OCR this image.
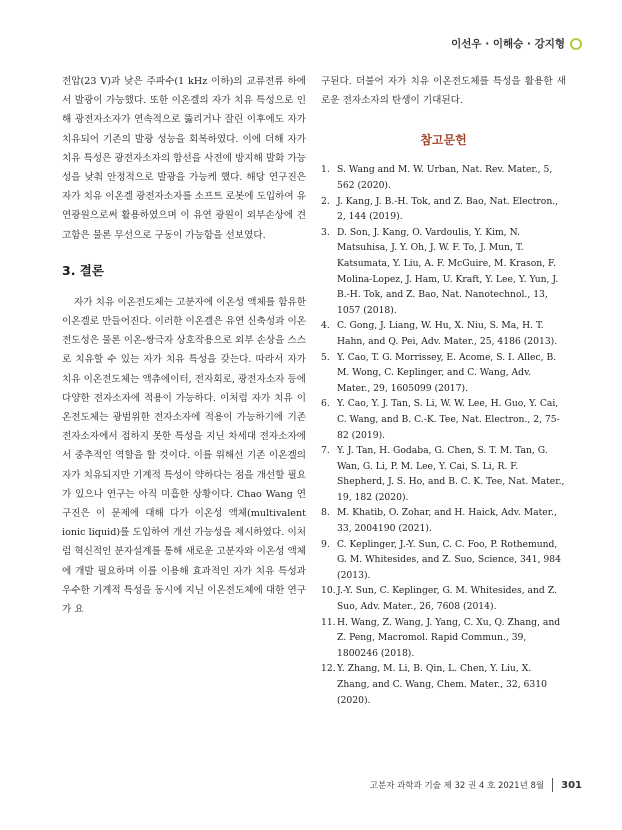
이선우 · 이해승 · 강지형

전압(23 V)과 낮은 주파수(1 kHz 이하)의 교류전류 하에서 발광이 가능했다. 또한 이온겔의 자가 치유 특성으로 인해 광전자소자가 연속적으로 뚫리거나 잘린 이후에도 자가 치유되어 기존의 발광 성능을 회복하였다. 이에 더해 자가 치유 특성은 광전자소자의 합선을 사전에 방지해 발화 가능성을 낮춰 안정적으로 발광을 가능케 했다. 해당 연구진은 자가 치유 이온겔 광전자소자를 소프트 로봇에 도입하여 유연광원으로써 활용하였으며 이 유연 광원이 외부손상에 견고함은 물론 무선으로 구동이 가능함을 선보였다.

3. 결론

자가 치유 이온전도체는 고분자에 이온성 액체를 함유한 이온겔로 만들어진다. 이러한 이온겔은 유연 신축성과 이온전도성은 물론 이온-쌍극자 상호작용으로 외부 손상을 스스로 치유할 수 있는 자가 치유 특성을 갖는다. 따라서 자가 치유 이온전도체는 액츄에이터, 전자회로, 광전자소자 등에 다양한 전자소자에 적용이 가능하다. 이처럼 자가 치유 이온전도체는 광범위한 전자소자에 적용이 가능하기에 기존 전자소자에서 접하지 못한 특성을 지닌 차세대 전자소자에서 중추적인 역할을 할 것이다. 이를 위해선 기존 이온겔의 자가 치유되지만 기계적 특성이 약하다는 점을 개선할 필요가 있으나 연구는 아직 미흡한 상황이다. Chao Wang 연구진은 이 문제에 대해 다가 이온성 액체(multivalent ionic liquid)를 도입하여 개선 가능성을 제시하였다. 이처럼 혁신적인 분자설계를 통해 새로운 고분자와 이온성 액체에 개발 필요하며 이를 이용해 효과적인 자가 치유 특성과 우수한 기계적 특성을 동시에 지닌 이온전도체에 대한 연구가 요

구된다. 더불어 자가 치유 이온전도체를 특성을 활용한 새로운 전자소자의 탄생이 기대된다.

참고문헌
1. S. Wang and M. W. Urban, Nat. Rev. Mater., 5, 562 (2020).
2. J. Kang, J. B.-H. Tok, and Z. Bao, Nat. Electron., 2, 144 (2019).
3. D. Son, J. Kang, O. Vardoulis, Y. Kim, N. Matsuhisa, J. Y. Oh, J. W. F. To, J. Mun, T. Katsumata, Y. Liu, A. F. McGuire, M. Krason, F. Molina-Lopez, J. Ham, U. Kraft, Y. Lee, Y. Yun, J. B.-H. Tok, and Z. Bao, Nat. Nanotechnol., 13, 1057 (2018).
4. C. Gong, J. Liang, W. Hu, X. Niu, S. Ma, H. T. Hahn, and Q. Pei, Adv. Mater., 25, 4186 (2013).
5. Y. Cao, T. G. Morrissey, E. Acome, S. I. Allec, B. M. Wong, C. Keplinger, and C. Wang, Adv. Mater., 29, 1605099 (2017).
6. Y. Cao, Y. J. Tan, S. Li, W. W. Lee, H. Guo, Y. Cai, C. Wang, and B. C.-K. Tee, Nat. Electron., 2, 75-82 (2019).
7. Y. J. Tan, H. Godaba, G. Chen, S. T. M. Tan, G. Wan, G. Li, P. M. Lee, Y. Cai, S. Li, R. F. Shepherd, J. S. Ho, and B. C. K. Tee, Nat. Mater., 19, 182 (2020).
8. M. Khatib, O. Zohar, and H. Haick, Adv. Mater., 33, 2004190 (2021).
9. C. Keplinger, J.-Y. Sun, C. C. Foo, P. Rothemund, G. M. Whitesides, and Z. Suo, Science, 341, 984 (2013).
10. J.-Y. Sun, C. Keplinger, G. M. Whitesides, and Z. Suo, Adv. Mater., 26, 7608 (2014).
11. H. Wang, Z. Wang, J. Yang, C. Xu, Q. Zhang, and Z. Peng, Macromol. Rapid Commun., 39, 1800246 (2018).
12. Y. Zhang, M. Li, B. Qin, L. Chen, Y. Liu, X. Zhang, and C. Wang, Chem. Mater., 32, 6310 (2020).
고분자 과학과 기술 제 32 권 4 호 2021년 8월 301
